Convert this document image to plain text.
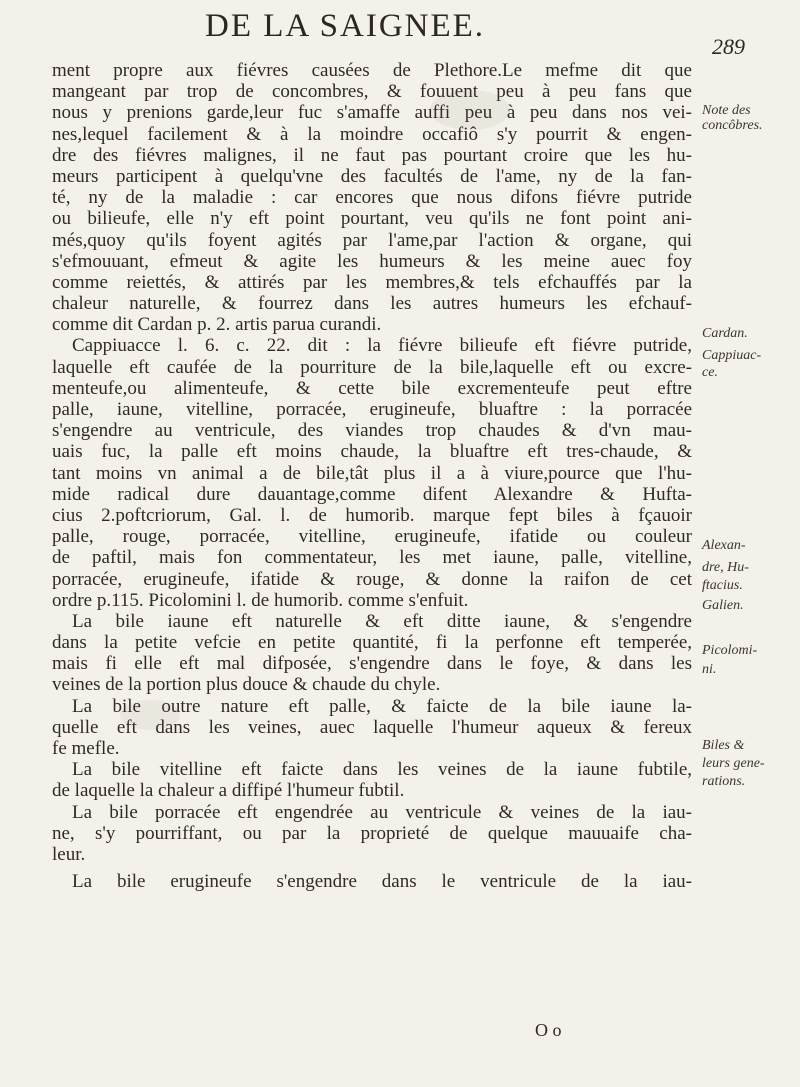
DE LA SAIGNEE.
289
ment propre aux fiévres causées de Plethore.Le mefme dit que
mangeant par trop de concombres, & fouuent peu à peu fans que
nous y prenions garde,leur fuc s'amaffe auffi peu à peu dans nos vei-
nes,lequel facilement & à la moindre occafiô s'y pourrit & engen-
dre des fiévres malignes, il ne faut pas pourtant croire que les hu-
meurs participent à quelqu'vne des facultés de l'ame, ny de la fan-
té, ny de la maladie : car encores que nous difons fiévre putride
ou bilieufe, elle n'y eft point pourtant, veu qu'ils ne font point ani-
més,quoy qu'ils foyent agités par l'ame,par l'action & organe, qui
s'efmouuant, efmeut & agite les humeurs & les meine auec foy
comme reiettés, & attirés par les membres,& tels efchauffés par la
chaleur naturelle, & fourrez dans les autres humeurs les efchauf-
comme dit Cardan p. 2. artis parua curandi.
Cappiuacce l. 6. c. 22. dit : la fiévre bilieufe eft fiévre putride,
laquelle eft caufée de la pourriture de la bile,laquelle eft ou excre-
menteufe,ou alimenteufe, & cette bile excrementeufe peut eftre
palle, iaune, vitelline, porracée, erugineufe, bluaftre : la porracée
s'engendre au ventricule, des viandes trop chaudes & d'vn mau-
uais fuc, la palle eft moins chaude, la bluaftre eft tres-chaude, &
tant moins vn animal a de bile,tât plus il a à viure,pource que l'hu-
mide radical dure dauantage,comme difent Alexandre & Hufta-
cius 2.poftcriorum, Gal. l. de humorib. marque fept biles à fçauoir
palle, rouge, porracée, vitelline, erugineufe, ifatide ou couleur
de paftil, mais fon commentateur, les met iaune, palle, vitelline,
porracée, erugineufe, ifatide & rouge, & donne la raifon de cet
ordre p.115. Picolomini l. de humorib. comme s'enfuit.
La bile iaune eft naturelle & eft ditte iaune, & s'engendre
dans la petite vefcie en petite quantité, fi la perfonne eft temperée,
mais fi elle eft mal difposée, s'engendre dans le foye, & dans les
veines de la portion plus douce & chaude du chyle.
La bile outre nature eft palle, & faicte de la bile iaune la-
quelle eft dans les veines, auec laquelle l'humeur aqueux & fereux
fe mefle.
La bile vitelline eft faicte dans les veines de la iaune fubtile,
de laquelle la chaleur a diffipé l'humeur fubtil.
La bile porracée eft engendrée au ventricule & veines de la iau-
ne, s'y pourriffant, ou par la proprieté de quelque mauuaife cha-
leur.
La bile erugineufe s'engendre dans le ventricule de la iau-
Note des
concôbres.
Cardan.
Cappiuac-
ce.
Alexan-
dre, Hu-
ftacius.
Galien.
Picolomi-
ni.
Biles &
leurs gene-
rations.
O o
